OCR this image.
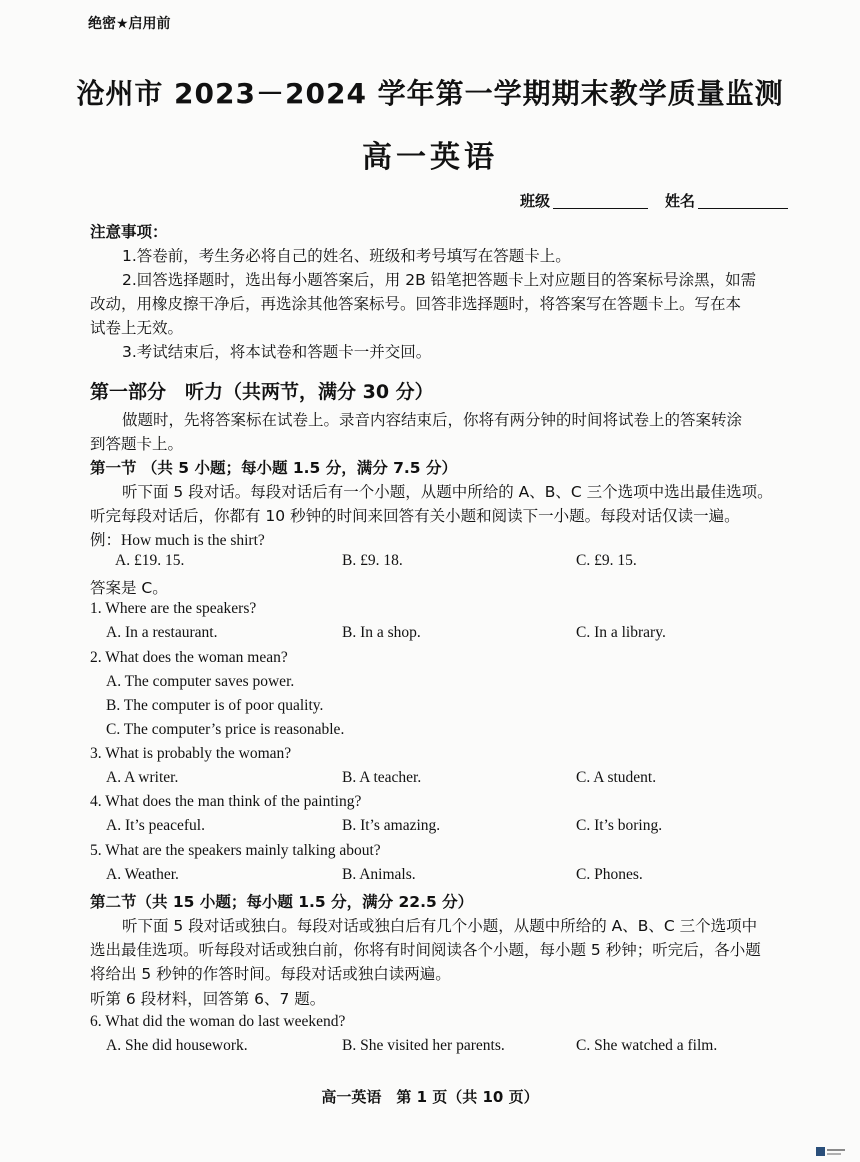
绝密★启用前
沧州市 2023－2024 学年第一学期期末教学质量监测
高一英语
班级	姓名
注意事项：
1.答卷前，考生务必将自己的姓名、班级和考号填写在答题卡上。
2.回答选择题时，选出每小题答案后，用 2B 铅笔把答题卡上对应题目的答案标号涂黑，如需
改动，用橡皮擦干净后，再选涂其他答案标号。回答非选择题时，将答案写在答题卡上。写在本
试卷上无效。
3.考试结束后，将本试卷和答题卡一并交回。
第一部分　听力（共两节，满分 30 分）
做题时，先将答案标在试卷上。录音内容结束后，你将有两分钟的时间将试卷上的答案转涂
到答题卡上。
第一节 （共 5 小题；每小题 1.5 分，满分 7.5 分）
听下面 5 段对话。每段对话后有一个小题，从题中所给的 A、B、C 三个选项中选出最佳选项。
听完每段对话后，你都有 10 秒钟的时间来回答有关小题和阅读下一小题。每段对话仅读一遍。
例：How much is the shirt?
A. £19. 15.	B. £9. 18.	C. £9. 15.
答案是 C。
1. Where are the speakers?
A. In a restaurant.	B. In a shop.	C. In a library.
2. What does the woman mean?
A. The computer saves power.
B. The computer is of poor quality.
C. The computer’s price is reasonable.
3. What is probably the woman?
A. A writer.	B. A teacher.	C. A student.
4. What does the man think of the painting?
A. It’s peaceful.	B. It’s amazing.	C. It’s boring.
5. What are the speakers mainly talking about?
A. Weather.	B. Animals.	C. Phones.
第二节（共 15 小题；每小题 1.5 分，满分 22.5 分）
听下面 5 段对话或独白。每段对话或独白后有几个小题，从题中所给的 A、B、C 三个选项中
选出最佳选项。听每段对话或独白前，你将有时间阅读各个小题，每小题 5 秒钟；听完后，各小题
将给出 5 秒钟的作答时间。每段对话或独白读两遍。
听第 6 段材料，回答第 6、7 题。
6. What did the woman do last weekend?
A. She did housework.	B. She visited her parents.	C. She watched a film.
高一英语　第 1 页（共 10 页）
